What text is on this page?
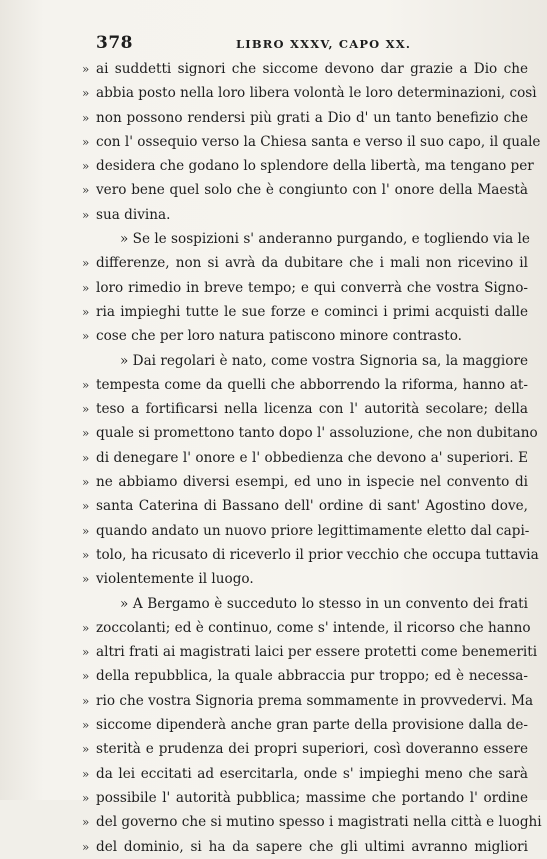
378	LIBRO XXXV, CAPO XX.
» ai suddetti signori che siccome devono dar grazie a Dio che
» abbia posto nella loro libera volontà le loro determinazioni, così
» non possono rendersi più grati a Dio d' un tanto benefizio che
» con l' ossequio verso la Chiesa santa e verso il suo capo, il quale
» desidera che godano lo splendore della libertà, ma tengano per
» vero bene quel solo che è congiunto con l' onore della Maestà
» sua divina.
» Se le sospizioni s' anderanno purgando, e togliendo via le
» differenze, non si avrà da dubitare che i mali non ricevino il
» loro rimedio in breve tempo; e qui converrà che vostra Signo-
» ria impieghi tutte le sue forze e cominci i primi acquisti dalle
» cose che per loro natura patiscono minore contrasto.
» Dai regolari è nato, come vostra Signoria sa, la maggiore
» tempesta come da quelli che abborrendo la riforma, hanno at-
» teso a fortificarsi nella licenza con l' autorità secolare; della
» quale si promettono tanto dopo l' assoluzione, che non dubitano
» di denegare l' onore e l' obbedienza che devono a' superiori. E
» ne abbiamo diversi esempi, ed uno in ispecie nel convento di
» santa Caterina di Bassano dell' ordine di sant' Agostino dove,
» quando andato un nuovo priore legittimamente eletto dal capi-
» tolo, ha ricusato di riceverlo il prior vecchio che occupa tuttavia
» violentemente il luogo.
» A Bergamo è succeduto lo stesso in un convento dei frati
» zoccolanti; ed è continuo, come s' intende, il ricorso che hanno
» altri frati ai magistrati laici per essere protetti come benemeriti
» della repubblica, la quale abbraccia pur troppo; ed è necessa-
» rio che vostra Signoria prema sommamente in provvedervi. Ma
» siccome dipenderà anche gran parte della provisione dalla de-
» sterità e prudenza dei propri superiori, così doveranno essere
» da lei eccitati ad esercitarla, onde s' impieghi meno che sarà
» possibile l' autorità pubblica; massime che portando l' ordine
» del governo che si mutino spesso i magistrati nella città e luoghi
» del dominio, si ha da sapere che gli ultimi avranno migliori
